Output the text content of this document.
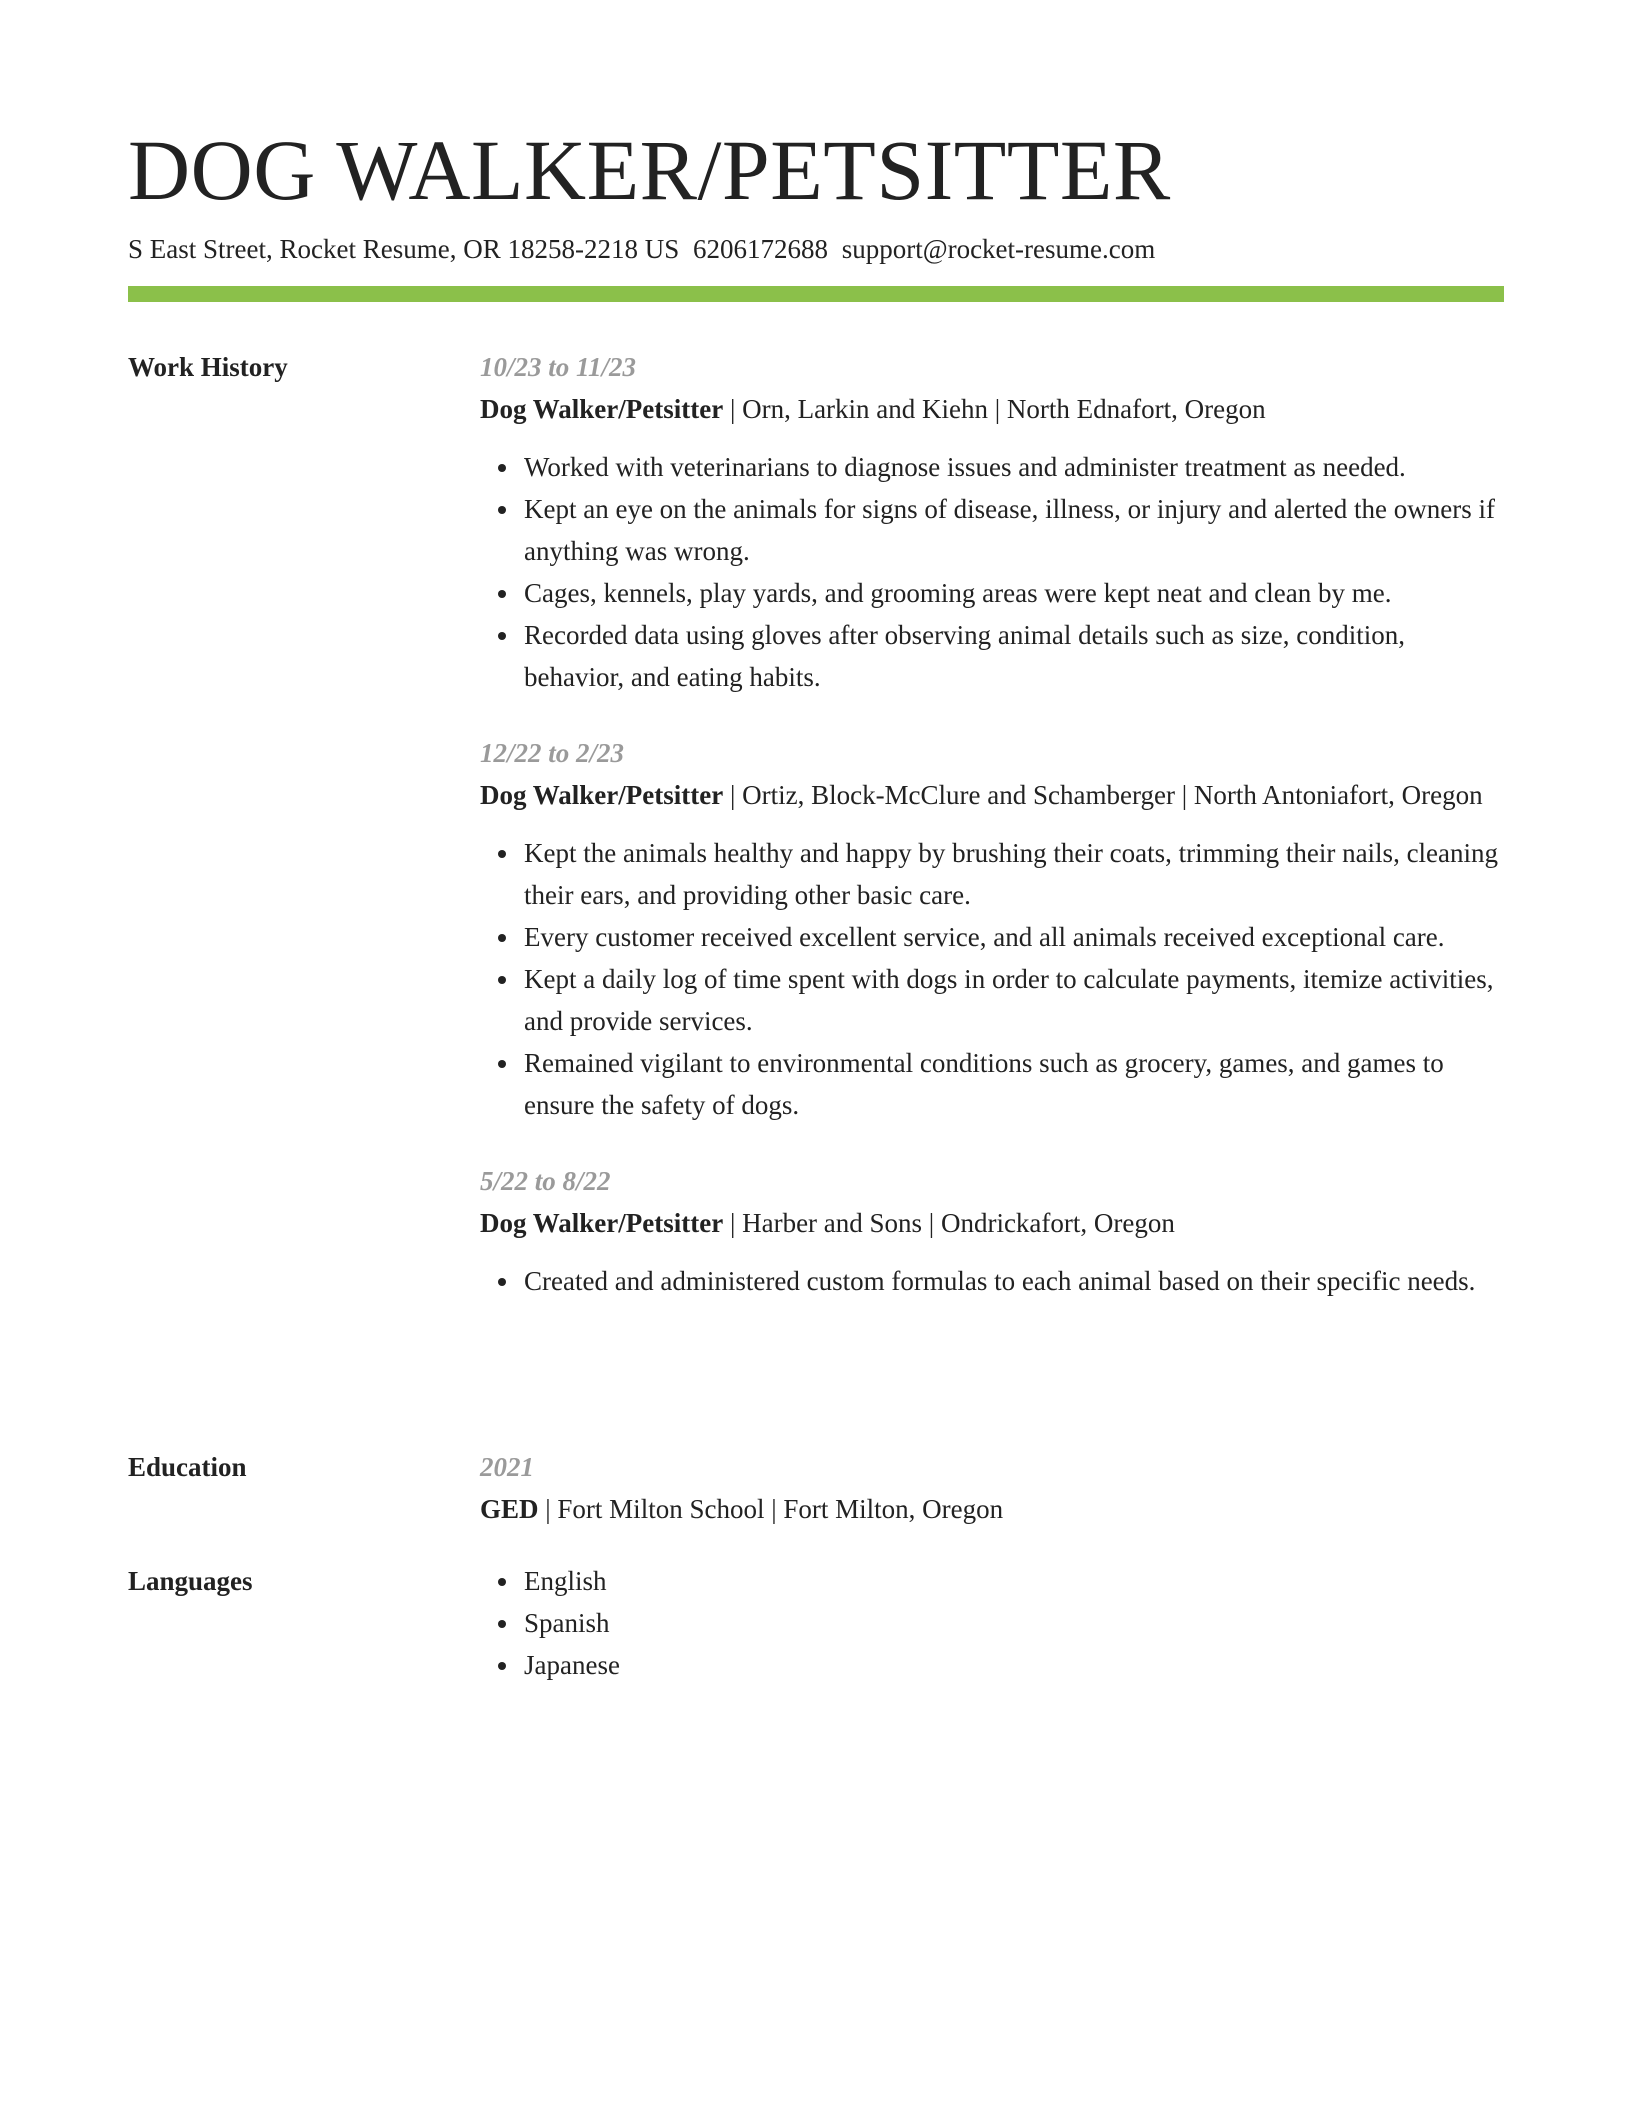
DOG WALKER/PETSITTER
S East Street, Rocket Resume, OR 18258-2218 US 6206172688 support@rocket-resume.com
Work History	10/23 to 11/23
Dog Walker/Petsitter | Orn, Larkin and Kiehn | North Ednafort, Oregon
Worked with veterinarians to diagnose issues and administer treatment as needed.
Kept an eye on the animals for signs of disease, illness, or injury and alerted the owners if anything was wrong.
Cages, kennels, play yards, and grooming areas were kept neat and clean by me.
Recorded data using gloves after observing animal details such as size, condition, behavior, and eating habits.
12/22 to 2/23
Dog Walker/Petsitter | Ortiz, Block-McClure and Schamberger | North Antoniafort, Oregon
Kept the animals healthy and happy by brushing their coats, trimming their nails, cleaning their ears, and providing other basic care.
Every customer received excellent service, and all animals received exceptional care.
Kept a daily log of time spent with dogs in order to calculate payments, itemize activities, and provide services.
Remained vigilant to environmental conditions such as grocery, games, and games to ensure the safety of dogs.
5/22 to 8/22
Dog Walker/Petsitter | Harber and Sons | Ondrickafort, Oregon
Created and administered custom formulas to each animal based on their specific needs.
Education	2021
GED | Fort Milton School | Fort Milton, Oregon
Languages	English
Spanish
Japanese
